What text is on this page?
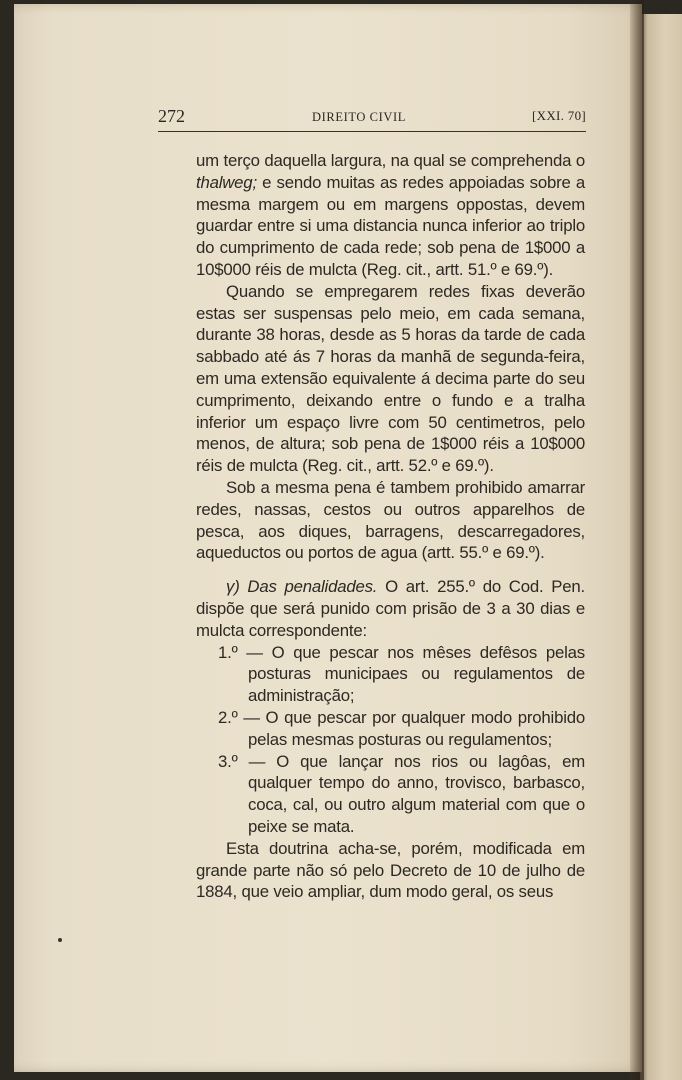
272	DIREITO CIVIL	[XXI. 70]

um terço daquella largura, na qual se comprehenda o thalweg; e sendo muitas as redes appoiadas sobre a mesma margem ou em margens oppostas, devem guardar entre si uma distancia nunca inferior ao triplo do cumprimento de cada rede; sob pena de 1$000 a 10$000 réis de mulcta (Reg. cit., artt. 51.º e 69.º).

Quando se empregarem redes fixas deverão estas ser suspensas pelo meio, em cada semana, durante 38 horas, desde as 5 horas da tarde de cada sabbado até ás 7 horas da manhã de segunda-feira, em uma extensão equivalente á decima parte do seu cumprimento, deixando entre o fundo e a tralha inferior um espaço livre com 50 centimetros, pelo menos, de altura; sob pena de 1$000 réis a 10$000 réis de mulcta (Reg. cit., artt. 52.º e 69.º).

Sob a mesma pena é tambem prohibido amarrar redes, nassas, cestos ou outros apparelhos de pesca, aos diques, barragens, descarregadores, aqueductos ou portos de agua (artt. 55.º e 69.º).

γ) Das penalidades. O art. 255.º do Cod. Pen. dispõe que será punido com prisão de 3 a 30 dias e mulcta correspondente:

1.º — O que pescar nos mêses defêsos pelas posturas municipaes ou regulamentos de administração;

2.º — O que pescar por qualquer modo prohibido pelas mesmas posturas ou regulamentos;

3.º — O que lançar nos rios ou lagôas, em qualquer tempo do anno, trovisco, barbasco, coca, cal, ou outro algum material com que o peixe se mata.

Esta doutrina acha-se, porém, modificada em grande parte não só pelo Decreto de 10 de julho de 1884, que veio ampliar, dum modo geral, os seus
